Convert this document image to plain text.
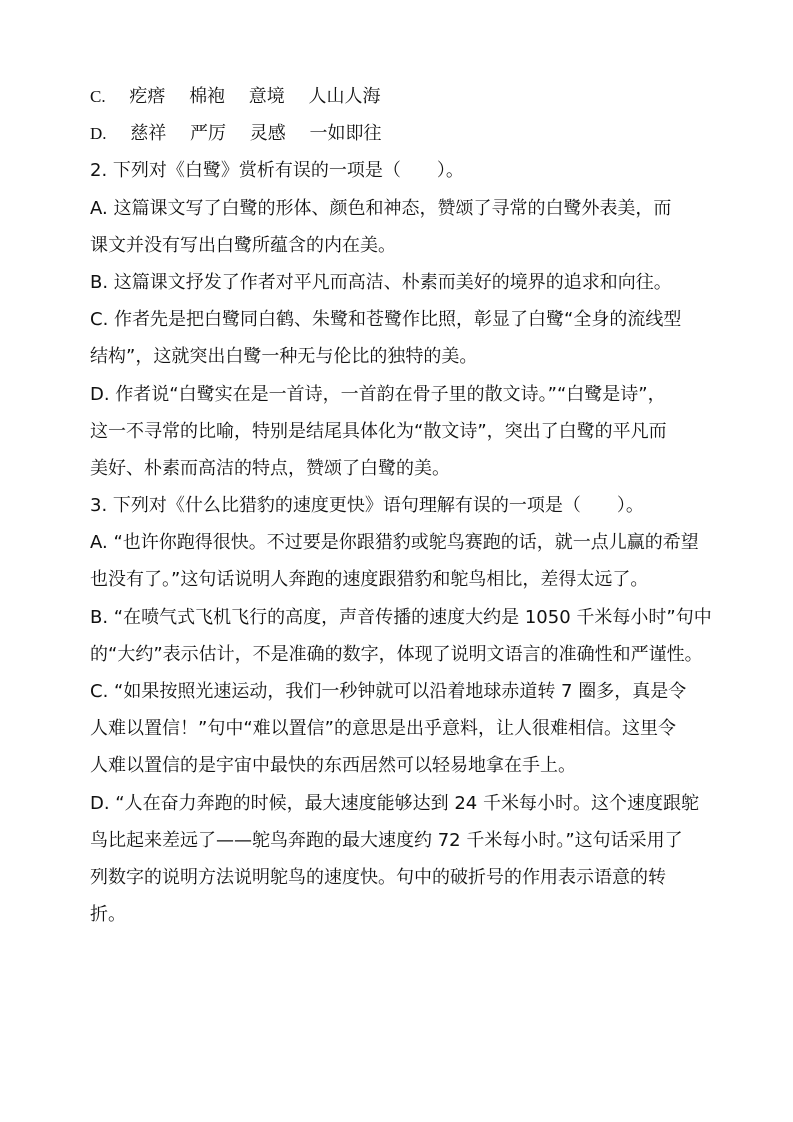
C. 疙瘩 棉袍 意境 人山人海
D. 慈祥 严厉 灵感 一如即往
2. 下列对《白鹭》赏析有误的一项是（　　）。
A. 这篇课文写了白鹭的形体、颜色和神态，赞颂了寻常的白鹭外表美，而
课文并没有写出白鹭所蕴含的内在美。
B. 这篇课文抒发了作者对平凡而高洁、朴素而美好的境界的追求和向往。
C. 作者先是把白鹭同白鹤、朱鹭和苍鹭作比照，彰显了白鹭“全身的流线型
结构”，这就突出白鹭一种无与伦比的独特的美。
D. 作者说“白鹭实在是一首诗，一首韵在骨子里的散文诗。”“白鹭是诗”，
这一不寻常的比喻，特别是结尾具体化为“散文诗”，突出了白鹭的平凡而
美好、朴素而高洁的特点，赞颂了白鹭的美。
3. 下列对《什么比猎豹的速度更快》语句理解有误的一项是（　　）。
A. “也许你跑得很快。不过要是你跟猎豹或鸵鸟赛跑的话，就一点儿赢的希望
也没有了。”这句话说明人奔跑的速度跟猎豹和鸵鸟相比，差得太远了。
B. “在喷气式飞机飞行的高度，声音传播的速度大约是 1050 千米每小时”句中
的“大约”表示估计，不是准确的数字，体现了说明文语言的准确性和严谨性。
C. “如果按照光速运动，我们一秒钟就可以沿着地球赤道转 7 圈多，真是令
人难以置信！”句中“难以置信”的意思是出乎意料，让人很难相信。这里令
人难以置信的是宇宙中最快的东西居然可以轻易地拿在手上。
D. “人在奋力奔跑的时候，最大速度能够达到 24 千米每小时。这个速度跟鸵
鸟比起来差远了——鸵鸟奔跑的最大速度约 72 千米每小时。”这句话采用了
列数字的说明方法说明鸵鸟的速度快。句中的破折号的作用表示语意的转
折。
